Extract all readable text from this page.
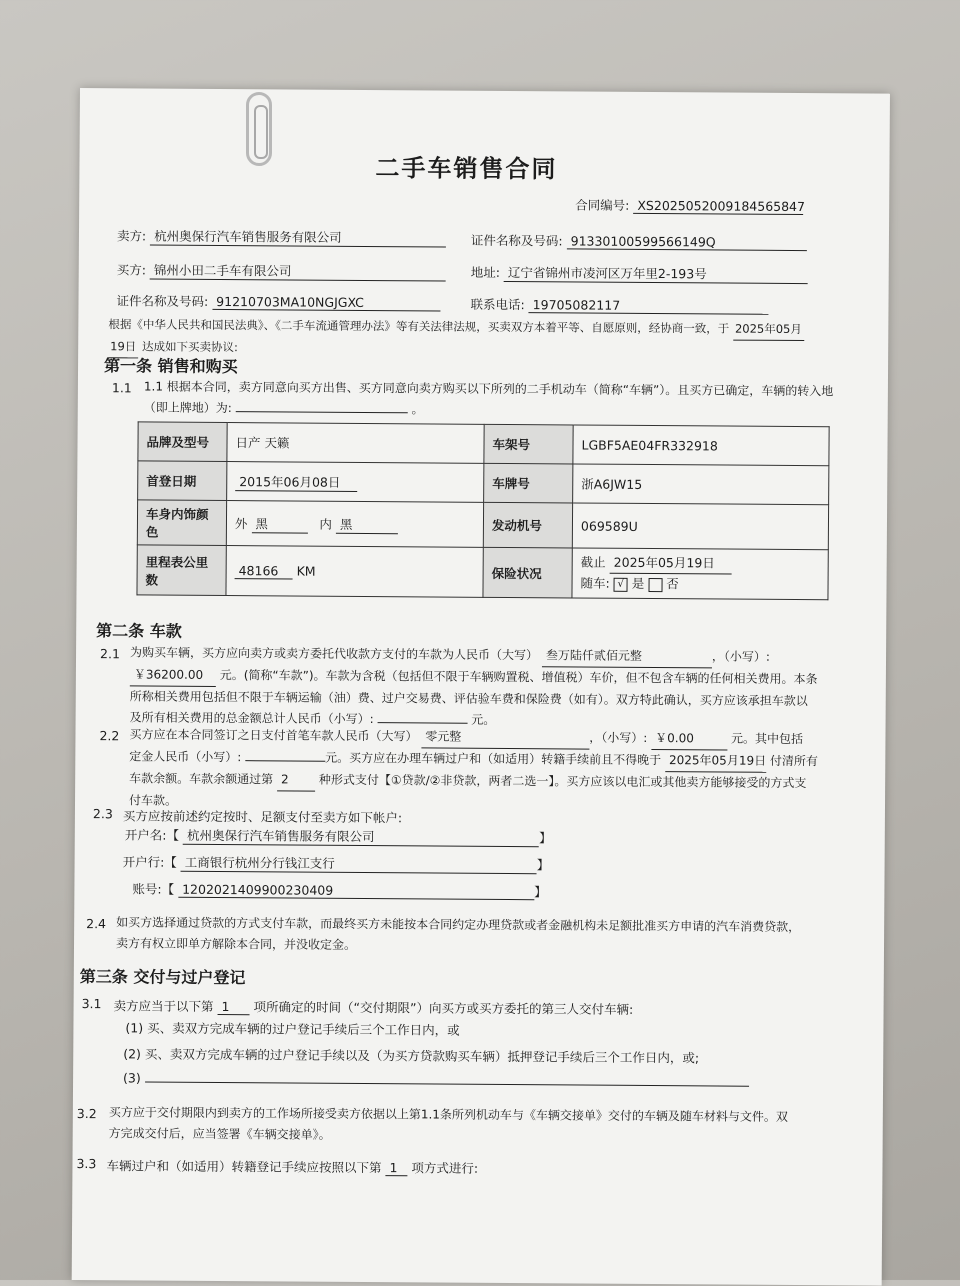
二手车销售合同
合同编号: XS2025052009184565847
卖方: 杭州奥保行汽车销售服务有限公司	证件名称及号码: 91330100599566149Q
买方: 锦州小田二手车有限公司	地址: 辽宁省锦州市凌河区万年里2-193号
证件名称及号码: 91210703MA10NGJGXC	联系电话: 19705082117
根据《中华人民共和国民法典》、《二手车流通管理办法》等有关法律法规，买卖双方本着平等、自愿原则，经协商一致，于 2025年05月
19日 达成如下买卖协议:
第一条 销售和购买
1.1 1.1 根据本合同，卖方同意向买方出售、买方同意向卖方购买以下所列的二手机动车（简称“车辆”）。且买方已确定，车辆的转入地
（即上牌地）为:	。
品牌及型号	日产 天籁	车架号	LGBF5AE04FR332918
首登日期	2015年06月08日	车牌号	浙A6JW15
车身内饰颜
色	外 黑 内 黑	发动机号	069589U
里程表公里
数	48166 KM	保险状况	截止 2025年05月19日
随车: √ 是 否
第二条 车款
2.1 为购买车辆，买方应向卖方或卖方委托代收款方支付的车款为人民币（大写） 叁万陆仟贰佰元整	，（小写）:
￥36200.00 元。(简称“车款”)。车款为含税（包括但不限于车辆购置税、增值税）车价，但不包含车辆的任何相关费用。本条
所称相关费用包括但不限于车辆运输（油）费、过户交易费、评估验车费和保险费（如有）。双方特此确认，买方应该承担车款以
及所有相关费用的总金额总计人民币（小写）:	元。
2.2 买方应在本合同签订之日支付首笔车款人民币（大写） 零元整	，（小写）: ￥0.00	元。其中包括
定金人民币（小写）:	元。买方应在办理车辆过户和（如适用）转籍手续前且不得晚于 2025年05月19日 付清所有
车款余额。车款余额通过第 2	种形式支付【①贷款/②非贷款，两者二选一】。买方应该以电汇或其他卖方能够接受的方式支
付车款。
2.3 买方应按前述约定按时、足额支付至卖方如下帐户:
开户名:【 杭州奥保行汽车销售服务有限公司	】
开户行:【 工商银行杭州分行钱江支行	】
账号:【 1202021409900230409	】
2.4 如买方选择通过贷款的方式支付车款，而最终买方未能按本合同约定办理贷款或者金融机构未足额批准买方申请的汽车消费贷款，
卖方有权立即单方解除本合同，并没收定金。
第三条 交付与过户登记
3.1 卖方应当于以下第 1 项所确定的时间（“交付期限”）向买方或买方委托的第三人交付车辆:
(1) 买、卖双方完成车辆的过户登记手续后三个工作日内，或
(2) 买、卖双方完成车辆的过户登记手续以及（为买方贷款购买车辆）抵押登记手续后三个工作日内，或;
(3)
3.2 买方应于交付期限内到卖方的工作场所接受卖方依据以上第1.1条所列机动车与《车辆交接单》交付的车辆及随车材料与文件。双
方完成交付后，应当签署《车辆交接单》。
3.3 车辆过户和（如适用）转籍登记手续应按照以下第 1 项方式进行:
